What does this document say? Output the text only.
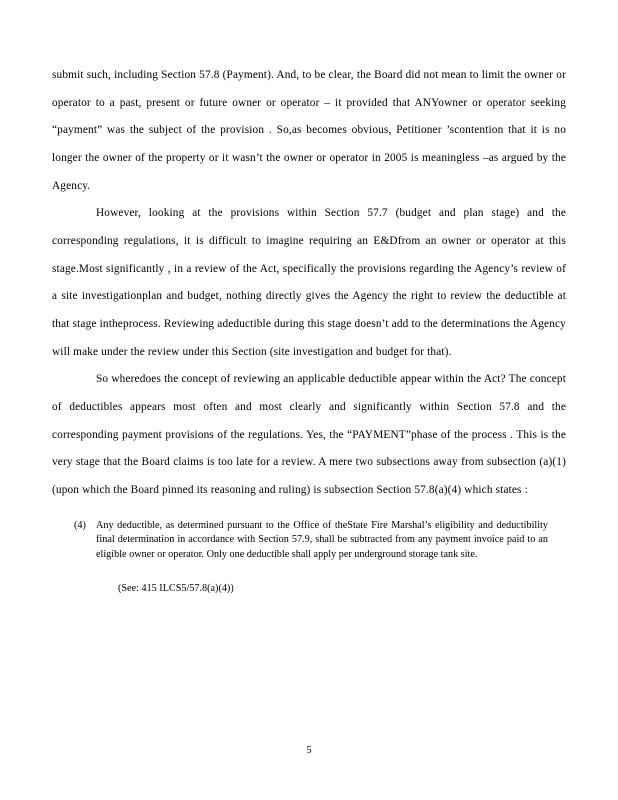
submit such, including Section 57.8 (Payment). And, to be clear, the Board did not mean to limit the owner or operator to a past, present or future owner or operator – it provided that ANYowner or operator seeking “payment” was the subject of the provision . So,as becomes obvious, Petitioner ’scontention that it is no longer the owner of the property or it wasn’t the owner or operator in 2005 is meaningless –as argued by the Agency.

However, looking at the provisions within Section 57.7 (budget and plan stage) and the corresponding regulations, it is difficult to imagine requiring an E&Dfrom an owner or operator at this stage.Most significantly , in a review of the Act, specifically the provisions regarding the Agency’s review of a site investigationplan and budget, nothing directly gives the Agency the right to review the deductible at that stage intheprocess. Reviewing adeductible during this stage doesn’t add to the determinations the Agency will make under the review under this Section (site investigation and budget for that).

So wheredoes the concept of reviewing an applicable deductible appear within the Act? The concept of deductibles appears most often and most clearly and significantly within Section 57.8 and the corresponding payment provisions of the regulations. Yes, the “PAYMENT”phase of the process . This is the very stage that the Board claims is too late for a review. A mere two subsections away from subsection (a)(1) (upon which the Board pinned its reasoning and ruling) is subsection Section 57.8(a)(4) which states :

(4) Any deductible, as determined pursuant to the Office of theState Fire Marshal’s eligibility and deductibility final determination in accordance with Section 57.9, shall be subtracted from any payment invoice paid to an eligible owner or operator. Only one deductible shall apply per underground storage tank site.
(See: 415 ILCS5/57.8(a)(4))
5
